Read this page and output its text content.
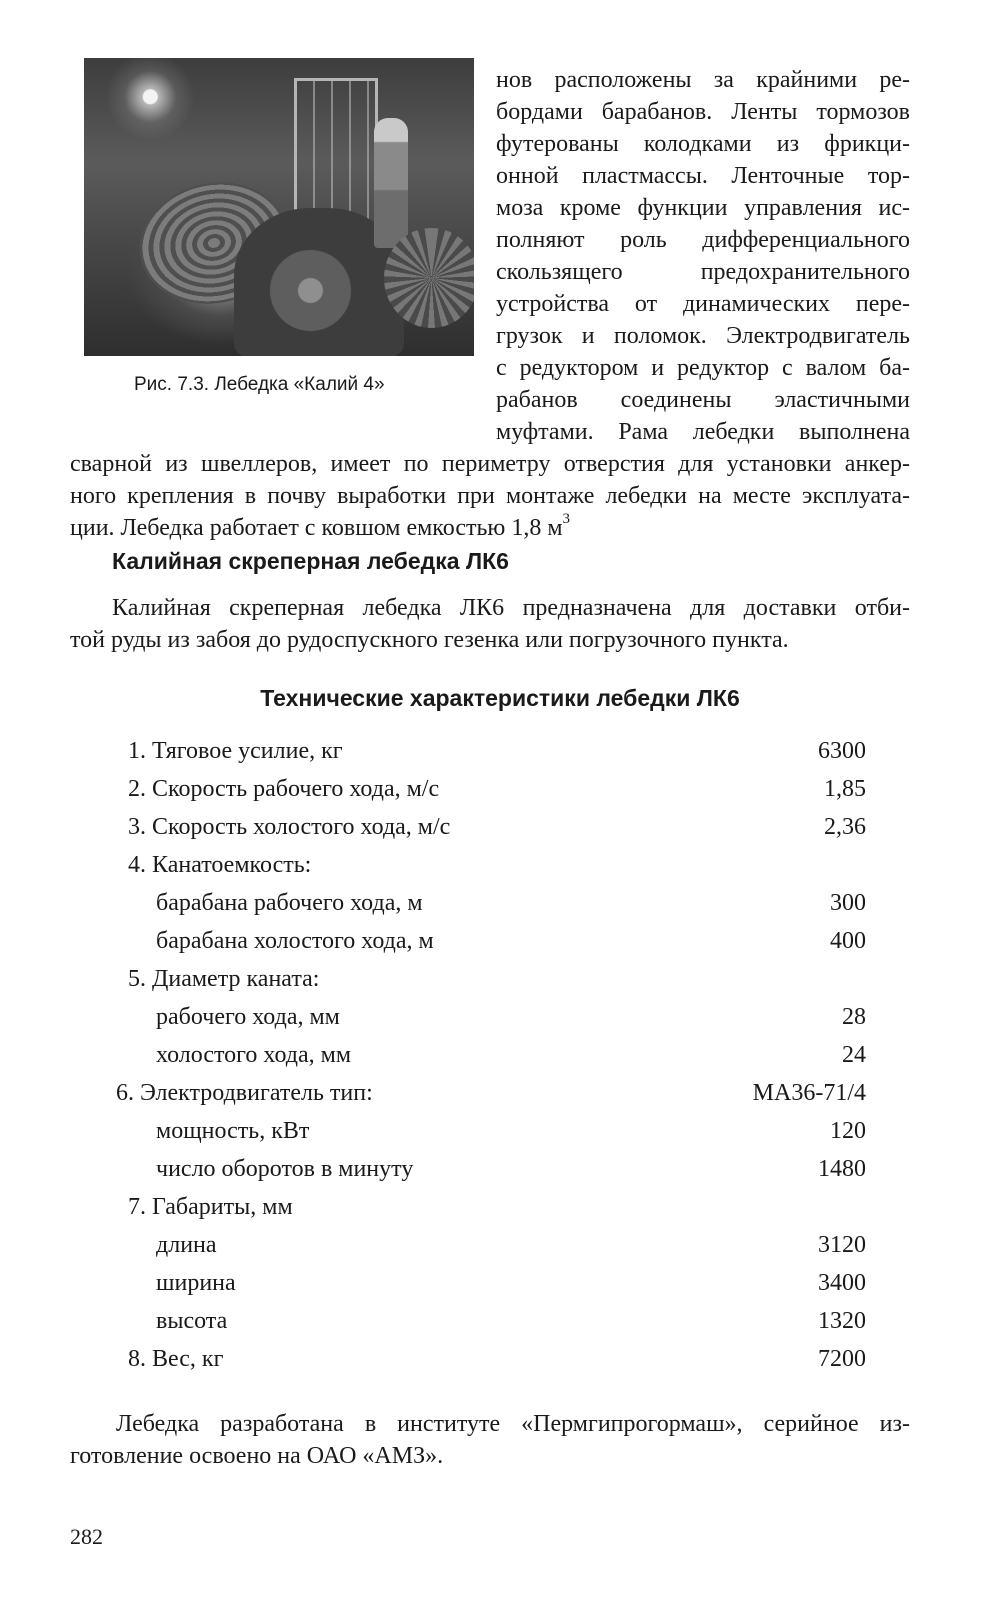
Рис. 7.3. Лебедка «Калий 4»
нов расположены за крайними ре-
бордами барабанов. Ленты тормозов
футерованы колодками из фрикци-
онной пластмассы. Ленточные тор-
моза кроме функции управления ис-
полняют роль дифференциального
скользящего предохранительного
устройства от динамических пере-
грузок и поломок. Электродвигатель
с редуктором и редуктор с валом ба-
рабанов соединены эластичными
муфтами. Рама лебедки выполнена
сварной из швеллеров, имеет по периметру отверстия для установки анкер-
ного крепления в почву выработки при монтаже лебедки на месте эксплуата-
ции. Лебедка работает с ковшом емкостью 1,8 $м^3$
Калийная скреперная лебедка ЛК6
Калийная скреперная лебедка ЛК6 предназначена для доставки отби-
той руды из забоя до рудоспускного гезенка или погрузочного пункта.
Технические характеристики лебедки ЛК6
1. Тяговое усилие, кг	6300
2. Скорость рабочего хода, м/с	1,85
3. Скорость холостого хода, м/с	2,36
4. Канатоемкость:
барабана рабочего хода, м	300
барабана холостого хода, м	400
5. Диаметр каната:
рабочего хода, мм	28
холостого хода, мм	24
6. Электродвигатель тип:	МА36-71/4
мощность, кВт	120
число оборотов в минуту	1480
7. Габариты, мм
длина	3120
ширина	3400
высота	1320
8. Вес, кг	7200
Лебедка разработана в институте «Пермгипрогормаш», серийное из-
готовление освоено на ОАО «АМЗ».
282
